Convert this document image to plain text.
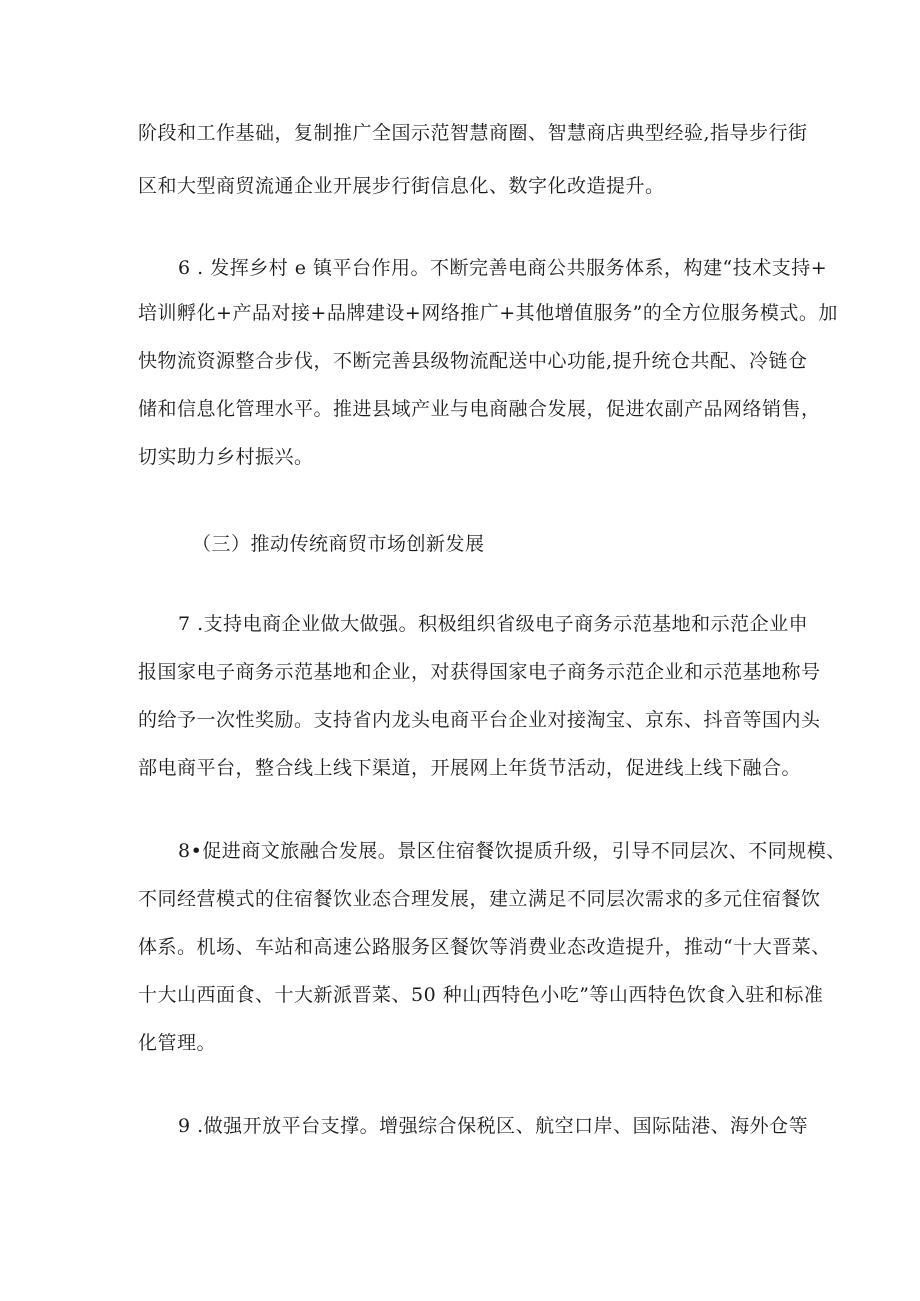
阶段和工作基础，复制推广全国示范智慧商圈、智慧商店典型经验,指导步行街
区和大型商贸流通企业开展步行街信息化、数字化改造提升。
6 . 发挥乡村 e 镇平台作用。不断完善电商公共服务体系，构建“技术支持+
培训孵化+产品对接+品牌建设+网络推广+其他增值服务”的全方位服务模式。加
快物流资源整合步伐，不断完善县级物流配送中心功能,提升统仓共配、冷链仓
储和信息化管理水平。推进县域产业与电商融合发展，促进农副产品网络销售，
切实助力乡村振兴。
（三）推动传统商贸市场创新发展
7 .支持电商企业做大做强。积极组织省级电子商务示范基地和示范企业申
报国家电子商务示范基地和企业，对获得国家电子商务示范企业和示范基地称号
的给予一次性奖励。支持省内龙头电商平台企业对接淘宝、京东、抖音等国内头
部电商平台，整合线上线下渠道，开展网上年货节活动，促进线上线下融合。
8•促进商文旅融合发展。景区住宿餐饮提质升级，引导不同层次、不同规模、
不同经营模式的住宿餐饮业态合理发展，建立满足不同层次需求的多元住宿餐饮
体系。机场、车站和高速公路服务区餐饮等消费业态改造提升，推动“十大晋菜、
十大山西面食、十大新派晋菜、50 种山西特色小吃”等山西特色饮食入驻和标准
化管理。
9 .做强开放平台支撑。增强综合保税区、航空口岸、国际陆港、海外仓等
